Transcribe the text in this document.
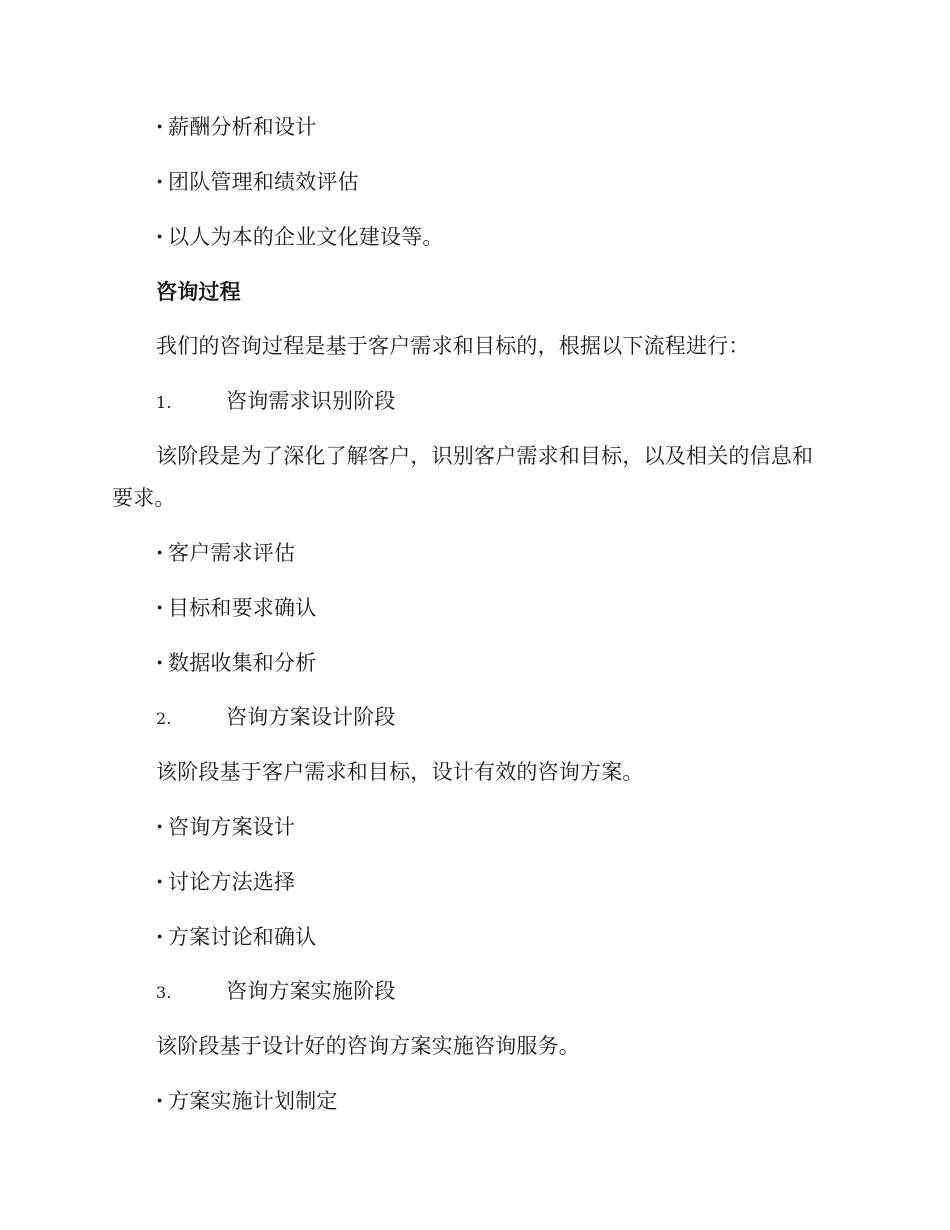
· 薪酬分析和设计
· 团队管理和绩效评估
· 以人为本的企业文化建设等。
咨询过程
我们的咨询过程是基于客户需求和目标的，根据以下流程进行：
1.	咨询需求识别阶段
该阶段是为了深化了解客户，识别客户需求和目标，以及相关的信息和
要求。
· 客户需求评估
· 目标和要求确认
· 数据收集和分析
2.	咨询方案设计阶段
该阶段基于客户需求和目标，设计有效的咨询方案。
· 咨询方案设计
· 讨论方法选择
· 方案讨论和确认
3.	咨询方案实施阶段
该阶段基于设计好的咨询方案实施咨询服务。
· 方案实施计划制定
